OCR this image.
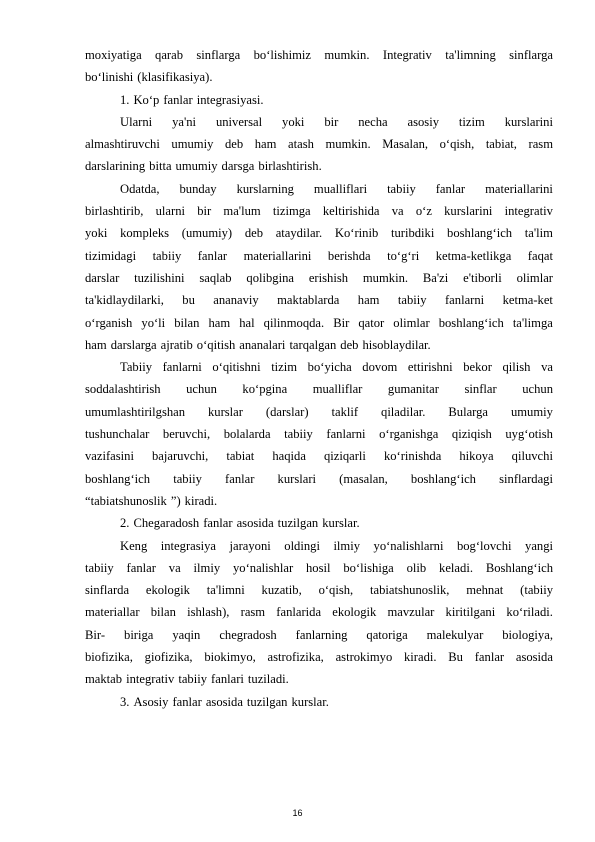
moxiyatiga qarab sinflarga bo‘lishimiz mumkin. Integrativ ta'limning sinflarga
bo‘linishi (klasifikasiya).
1. Ko‘p fanlar integrasiyasi.
Ularni ya'ni universal yoki bir necha asosiy tizim kurslarini
almashtiruvchi umumiy deb ham atash mumkin. Masalan, o‘qish, tabiat, rasm
darslarining bitta umumiy darsga birlashtirish.
Odatda, bunday kurslarning mualliflari tabiiy fanlar materiallarini
birlashtirib, ularni bir ma'lum tizimga keltirishida va o‘z kurslarini integrativ
yoki kompleks (umumiy) deb ataydilar. Ko‘rinib turibdiki boshlang‘ich ta'lim
tizimidagi tabiiy fanlar materiallarini berishda to‘g‘ri ketma-ketlikga faqat
darslar tuzilishini saqlab qolibgina erishish mumkin. Ba'zi e'tiborli olimlar
ta'kidlaydilarki, bu ananaviy maktablarda ham tabiiy fanlarni ketma-ket
o‘rganish yo‘li bilan ham hal qilinmoqda. Bir qator olimlar boshlang‘ich ta'limga
ham darslarga ajratib o‘qitish ananalari tarqalgan deb hisoblaydilar.
Tabiiy fanlarni o‘qitishni tizim bo‘yicha dovom ettirishni bekor qilish va
soddalashtirish uchun ko‘pgina mualliflar gumanitar sinflar uchun
umumlashtirilgshan kurslar (darslar) taklif qiladilar. Bularga umumiy
tushunchalar beruvchi, bolalarda tabiiy fanlarni o‘rganishga qiziqish uyg‘otish
vazifasini bajaruvchi, tabiat haqida qiziqarli ko‘rinishda hikoya qiluvchi
boshlang‘ich tabiiy fanlar kurslari (masalan, boshlang‘ich sinflardagi
“tabiatshunoslik ”) kiradi.
2. Chegaradosh fanlar asosida tuzilgan kurslar.
Keng integrasiya jarayoni oldingi ilmiy yo‘nalishlarni bog‘lovchi yangi
tabiiy fanlar va ilmiy yo‘nalishlar hosil bo‘lishiga olib keladi. Boshlang‘ich
sinflarda ekologik ta'limni kuzatib, o‘qish, tabiatshunoslik, mehnat (tabiiy
materiallar bilan ishlash), rasm fanlarida ekologik mavzular kiritilgani ko‘riladi.
Bir- biriga yaqin chegradosh fanlarning qatoriga malekulyar biologiya,
biofizika, giofizika, biokimyo, astrofizika, astrokimyo kiradi. Bu fanlar asosida
maktab integrativ tabiiy fanlari tuziladi.
3. Asosiy fanlar asosida tuzilgan kurslar.
16
